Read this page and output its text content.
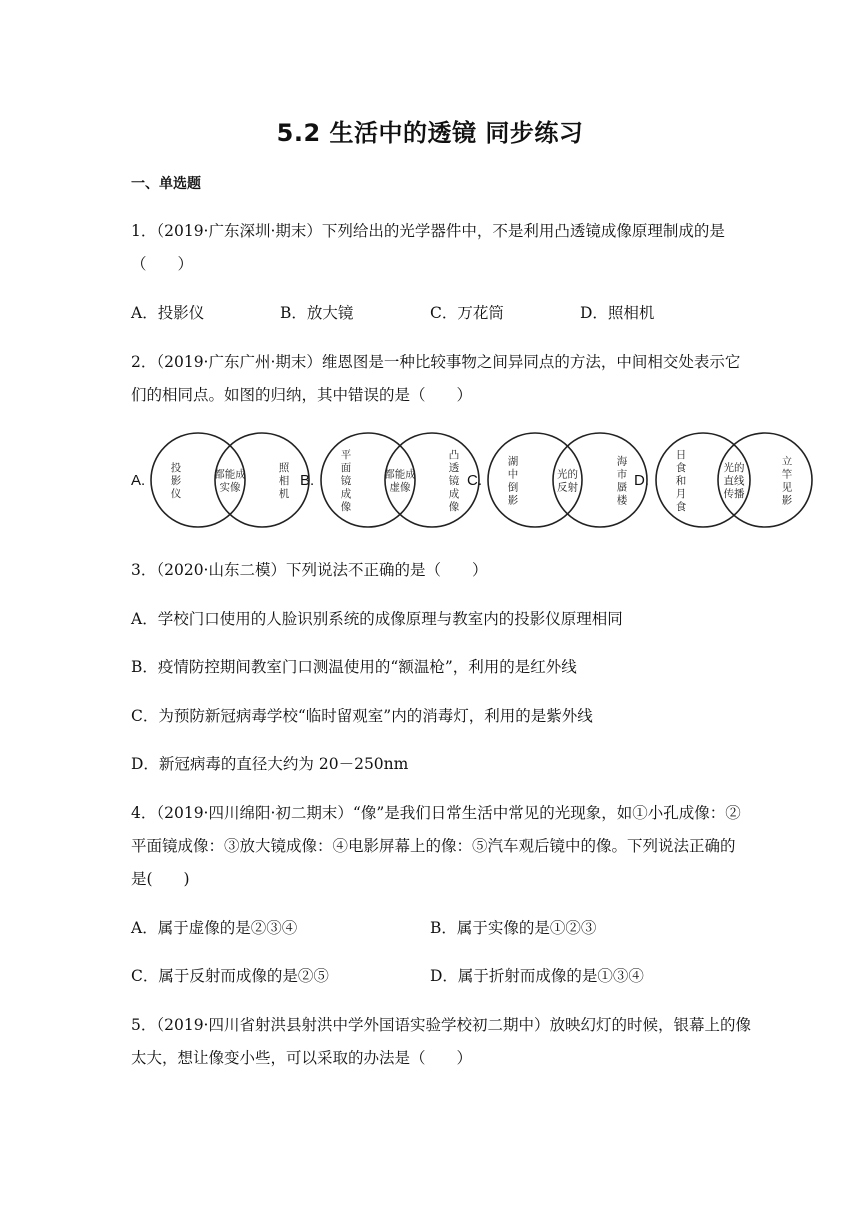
5.2 生活中的透镜 同步练习
一、单选题
1．（2019·广东深圳·期末）下列给出的光学器件中，不是利用凸透镜成像原理制成的是
（　　）
A．投影仪	B．放大镜	C．万花筒	D．照相机
2．（2019·广东广州·期末）维恩图是一种比较事物之间异同点的方法，中间相交处表示它
们的相同点。如图的归纳，其中错误的是（　　）
A.	B.	C.	D.
投
影
仪
都能成
实像
照
相
机
平
面
镜
成
像
都能成
虚像
凸
透
镜
成
像
湖
中
倒
影
光的
反射
海
市
蜃
楼
日
食
和
月
食
光的
直线
传播
立
竿
见
影
3．（2020·山东二模）下列说法不正确的是（　　）
A．学校门口使用的人脸识别系统的成像原理与教室内的投影仪原理相同
B．疫情防控期间教室门口测温使用的“额温枪”，利用的是红外线
C．为预防新冠病毒学校“临时留观室”内的消毒灯，利用的是紫外线
D．新冠病毒的直径大约为 20－250nm
4．（2019·四川绵阳·初二期末）“像”是我们日常生活中常见的光现象，如①小孔成像：②
平面镜成像：③放大镜成像：④电影屏幕上的像：⑤汽车观后镜中的像。下列说法正确的
是(　　)
A．属于虚像的是②③④	B．属于实像的是①②③
C．属于反射而成像的是②⑤	D．属于折射而成像的是①③④
5．（2019·四川省射洪县射洪中学外国语实验学校初二期中）放映幻灯的时候，银幕上的像
太大，想让像变小些，可以采取的办法是（　　）
